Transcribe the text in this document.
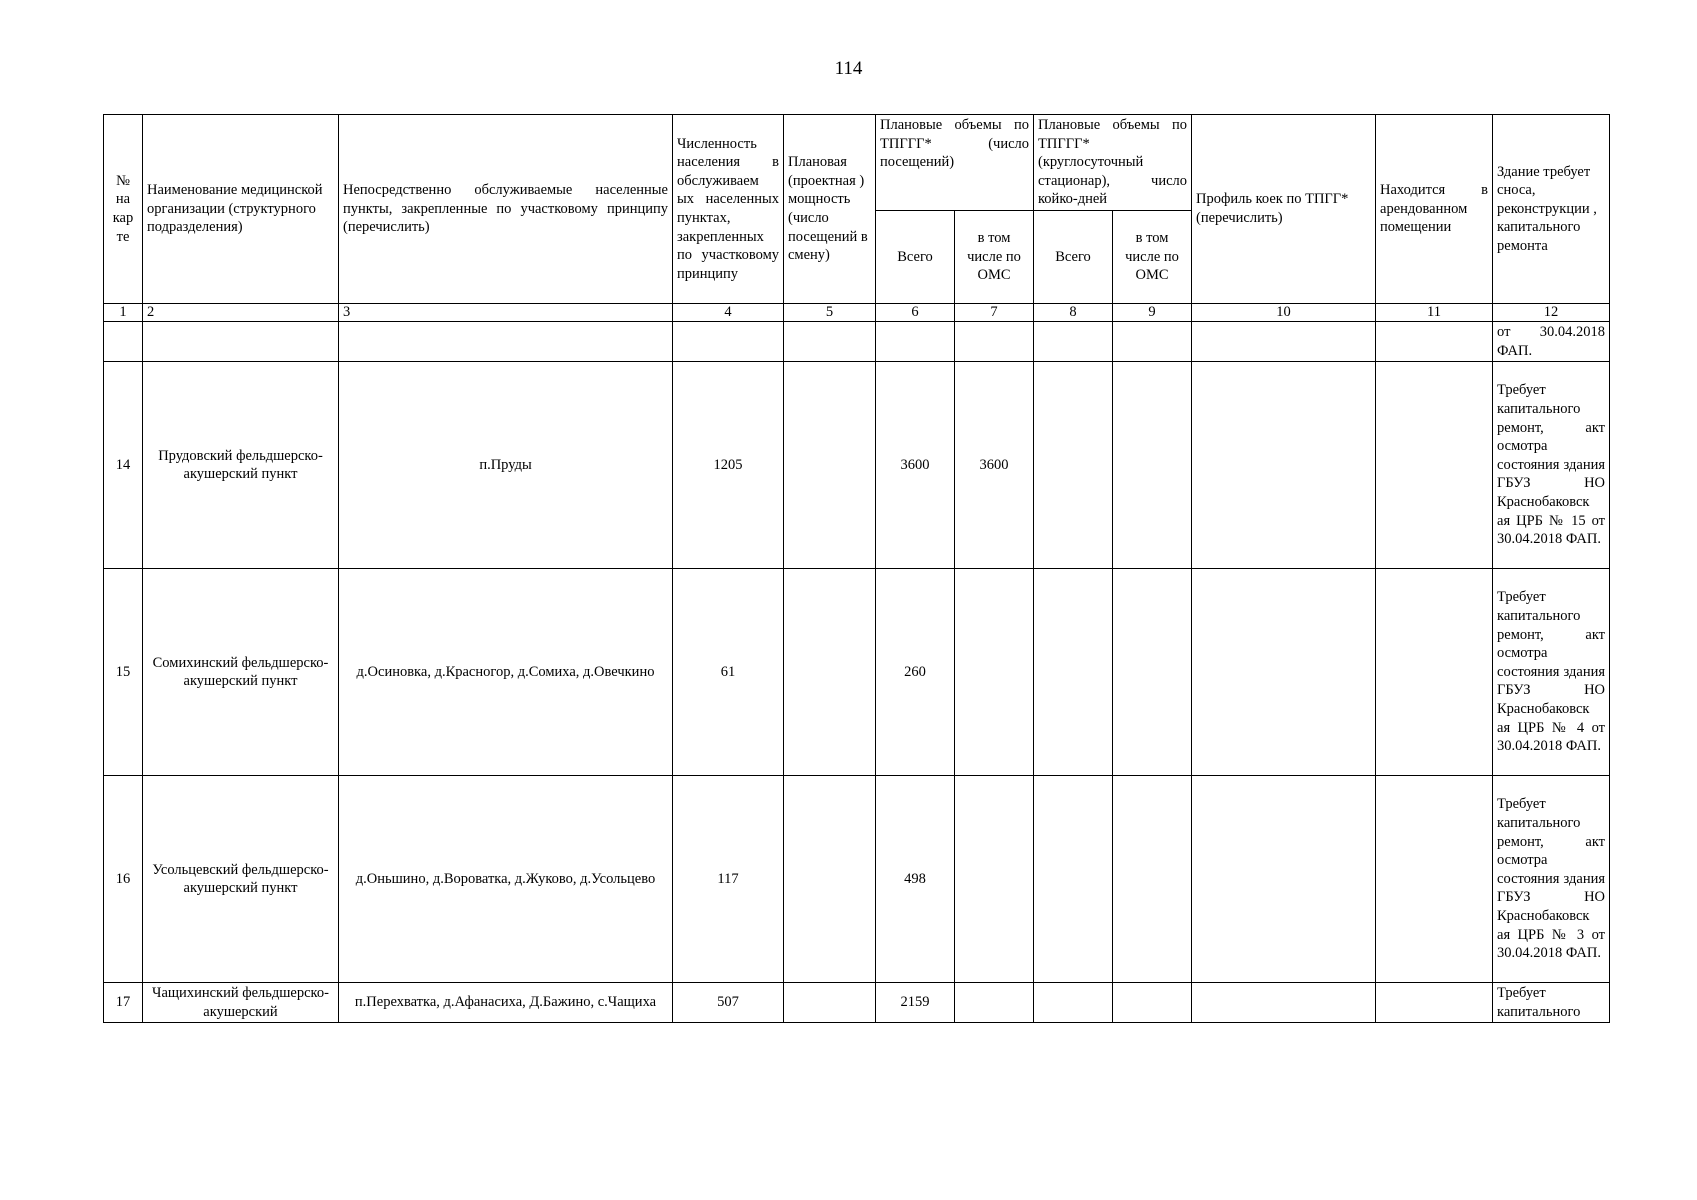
114
№ на кар те	Наименование медицинской организации (структурного подразделения)	Непосредственно обслуживаемые населенные пункты, закрепленные по участковому принципу (перечислить)	Численность населения в обслуживаем ых населенных пунктах, закрепленных по участковому принципу	Плановая (проектная ) мощность (число посещений в смену)	Плановые объемы по ТПГГГ* (число посещений)		Плановые объемы по ТПГГГ* (круглосуточный стационар), число койко-дней		Профиль коек по ТПГГ* (перечислить)	Находится в арендованном помещении	Здание требует сноса, реконструкции , капитального ремонта
					Всего	в том числе по ОМС	Всего	в том числе по ОМС			
1	2	3	4	5	6	7	8	9	10	11	12
											от 30.04.2018 ФАП.
14	Прудовский фельдшерско-акушерский пункт	п.Пруды	1205		3600	3600					Требует капитального ремонт, акт осмотра состояния здания ГБУЗ НО Краснобаковск ая ЦРБ № 15 от 30.04.2018 ФАП.
15	Сомихинский фельдшерско-акушерский пункт	д.Осиновка, д.Красногор, д.Сомиха, д.Овечкино	61		260						Требует капитального ремонт, акт осмотра состояния здания ГБУЗ НО Краснобаковск ая ЦРБ № 4 от 30.04.2018 ФАП.
16	Усольцевский фельдшерско-акушерский пункт	д.Оньшино, д.Вороватка, д.Жуково, д.Усольцево	117		498						Требует капитального ремонт, акт осмотра состояния здания ГБУЗ НО Краснобаковск ая ЦРБ № 3 от 30.04.2018 ФАП.
17	Чащихинский фельдшерско-акушерский	п.Перехватка, д.Афанасиха, Д.Бажино, с.Чащиха	507		2159						Требует капитального
